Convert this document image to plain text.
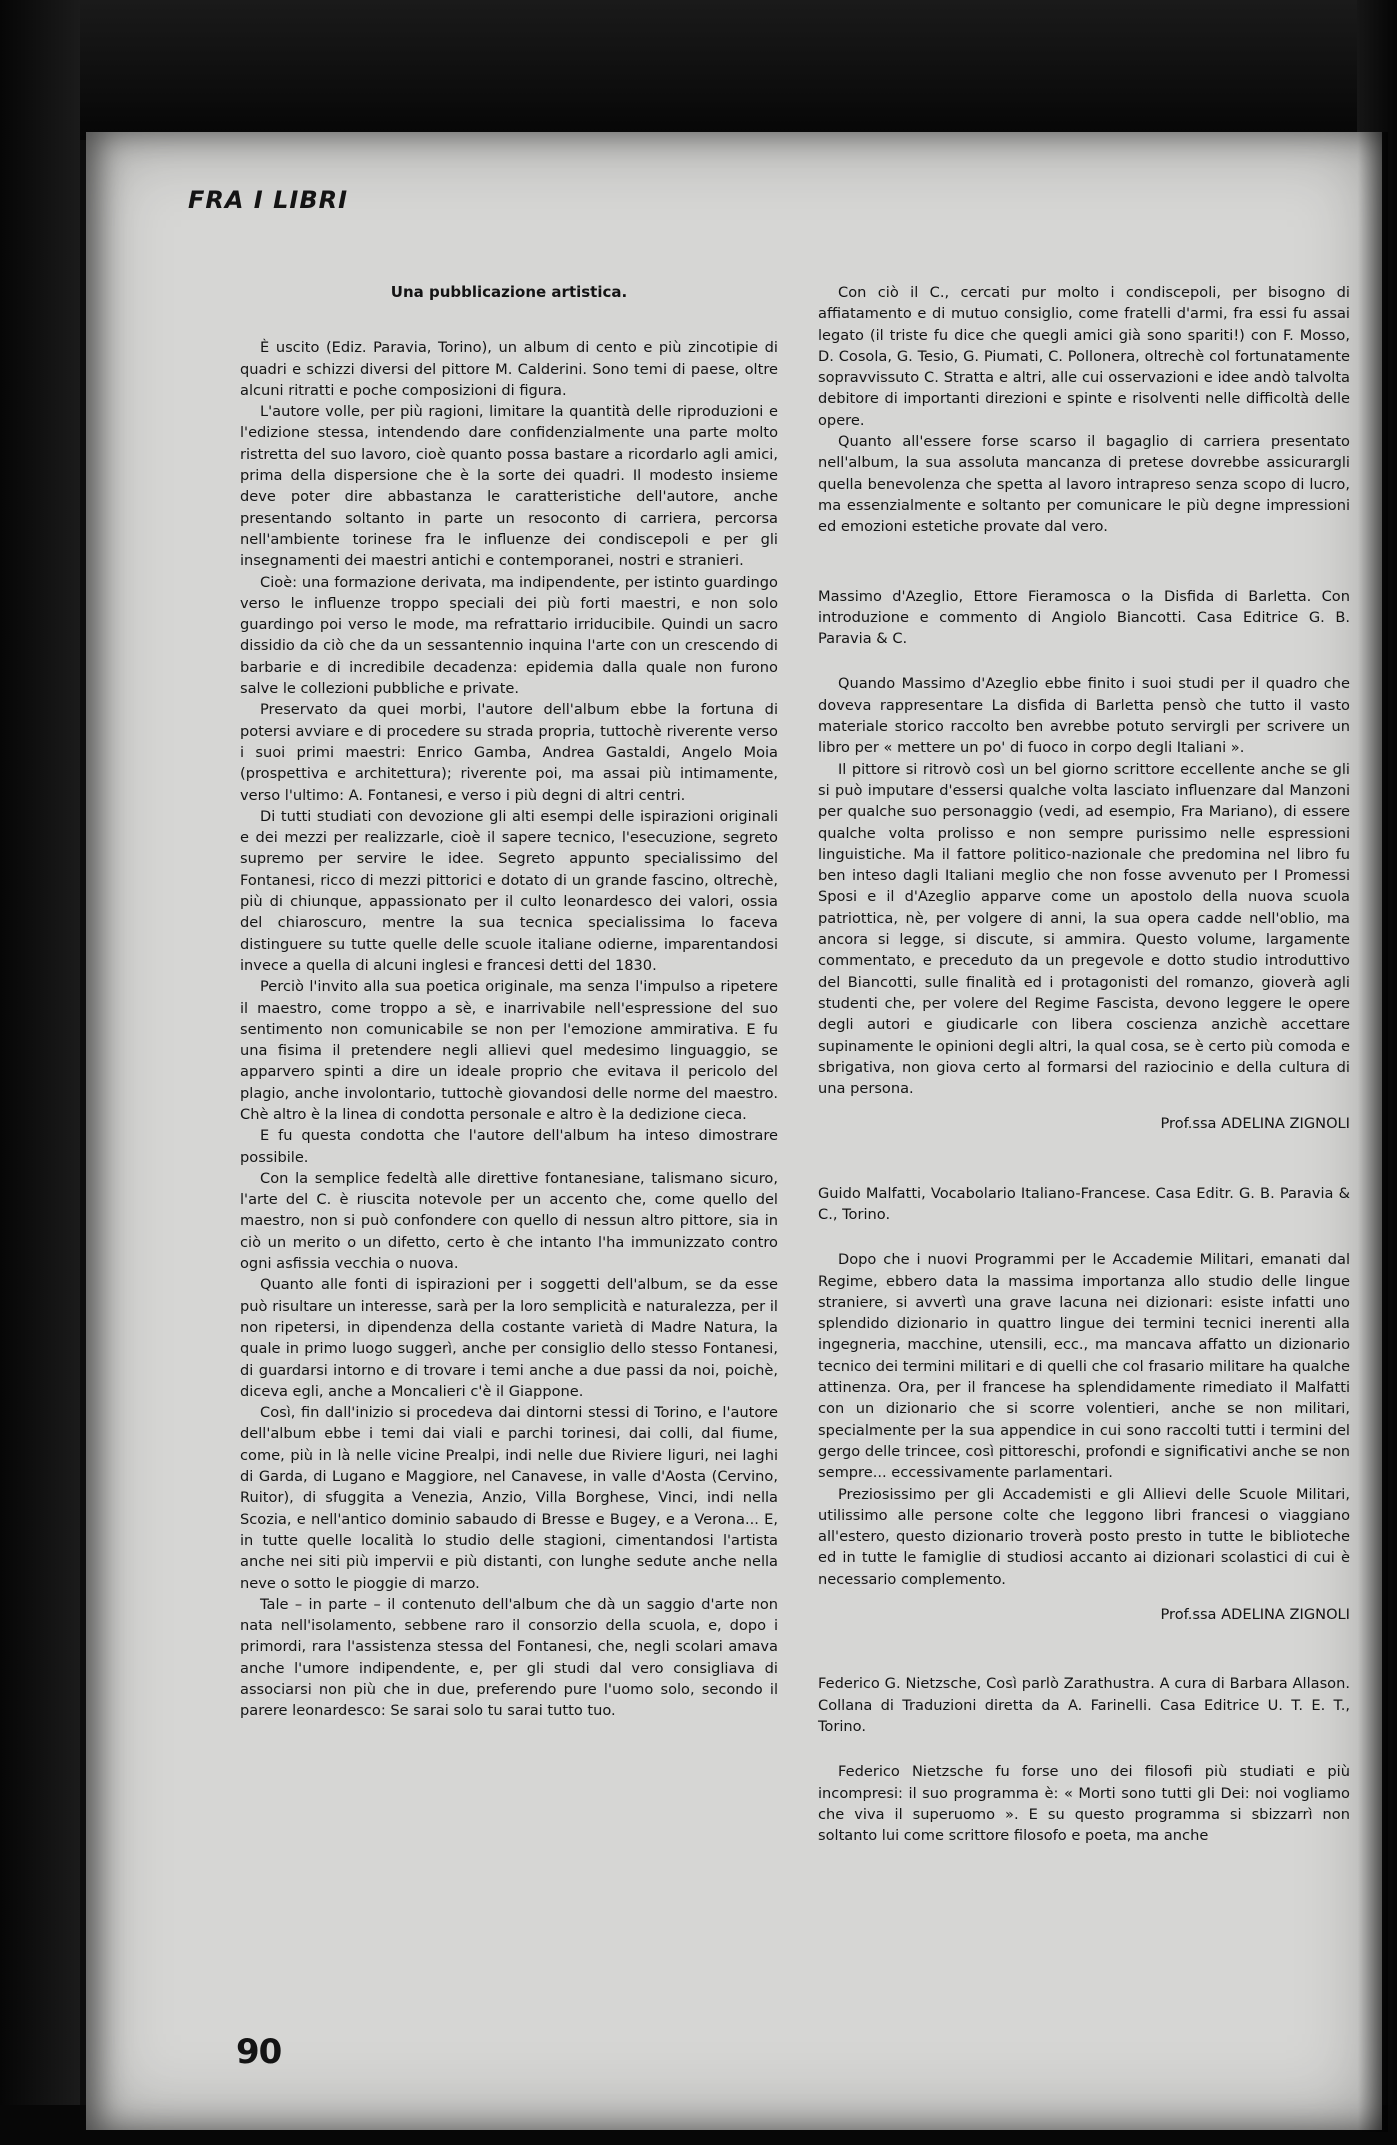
FRA I LIBRI

Una pubblicazione artistica.

È uscito (Ediz. Paravia, Torino), un album di cento e più zincotipie di quadri e schizzi diversi del pittore M. Calderini. Sono temi di paese, oltre alcuni ritratti e poche composizioni di figura.

L'autore volle, per più ragioni, limitare la quantità delle riproduzioni e l'edizione stessa, intendendo dare confidenzialmente una parte molto ristretta del suo lavoro, cioè quanto possa bastare a ricordarlo agli amici, prima della dispersione che è la sorte dei quadri. Il modesto insieme deve poter dire abbastanza le caratteristiche dell'autore, anche presentando soltanto in parte un resoconto di carriera, percorsa nell'ambiente torinese fra le influenze dei condiscepoli e per gli insegnamenti dei maestri antichi e contemporanei, nostri e stranieri.

Cioè: una formazione derivata, ma indipendente, per istinto guardingo verso le influenze troppo speciali dei più forti maestri, e non solo guardingo poi verso le mode, ma refrattario irriducibile. Quindi un sacro dissidio da ciò che da un sessantennio inquina l'arte con un crescendo di barbarie e di incredibile decadenza: epidemia dalla quale non furono salve le collezioni pubbliche e private.

Preservato da quei morbi, l'autore dell'album ebbe la fortuna di potersi avviare e di procedere su strada propria, tuttochè riverente verso i suoi primi maestri: Enrico Gamba, Andrea Gastaldi, Angelo Moia (prospettiva e architettura); riverente poi, ma assai più intimamente, verso l'ultimo: A. Fontanesi, e verso i più degni di altri centri.

Di tutti studiati con devozione gli alti esempi delle ispirazioni originali e dei mezzi per realizzarle, cioè il sapere tecnico, l'esecuzione, segreto supremo per servire le idee. Segreto appunto specialissimo del Fontanesi, ricco di mezzi pittorici e dotato di un grande fascino, oltrechè, più di chiunque, appassionato per il culto leonardesco dei valori, ossia del chiaroscuro, mentre la sua tecnica specialissima lo faceva distinguere su tutte quelle delle scuole italiane odierne, imparentandosi invece a quella di alcuni inglesi e francesi detti del 1830.

Perciò l'invito alla sua poetica originale, ma senza l'impulso a ripetere il maestro, come troppo a sè, e inarrivabile nell'espressione del suo sentimento non comunicabile se non per l'emozione ammirativa. E fu una fisima il pretendere negli allievi quel medesimo linguaggio, se apparvero spinti a dire un ideale proprio che evitava il pericolo del plagio, anche involontario, tuttochè giovandosi delle norme del maestro. Chè altro è la linea di condotta personale e altro è la dedizione cieca.

E fu questa condotta che l'autore dell'album ha inteso dimostrare possibile.

Con la semplice fedeltà alle direttive fontanesiane, talismano sicuro, l'arte del C. è riuscita notevole per un accento che, come quello del maestro, non si può confondere con quello di nessun altro pittore, sia in ciò un merito o un difetto, certo è che intanto l'ha immunizzato contro ogni asfissia vecchia o nuova.

Quanto alle fonti di ispirazioni per i soggetti dell'album, se da esse può risultare un interesse, sarà per la loro semplicità e naturalezza, per il non ripetersi, in dipendenza della costante varietà di Madre Natura, la quale in primo luogo suggerì, anche per consiglio dello stesso Fontanesi, di guardarsi intorno e di trovare i temi anche a due passi da noi, poichè, diceva egli, anche a Moncalieri c'è il Giappone.

Così, fin dall'inizio si procedeva dai dintorni stessi di Torino, e l'autore dell'album ebbe i temi dai viali e parchi torinesi, dai colli, dal fiume, come, più in là nelle vicine Prealpi, indi nelle due Riviere liguri, nei laghi di Garda, di Lugano e Maggiore, nel Canavese, in valle d'Aosta (Cervino, Ruitor), di sfuggita a Venezia, Anzio, Villa Borghese, Vinci, indi nella Scozia, e nell'antico dominio sabaudo di Bresse e Bugey, e a Verona... E, in tutte quelle località lo studio delle stagioni, cimentandosi l'artista anche nei siti più impervii e più distanti, con lunghe sedute anche nella neve o sotto le pioggie di marzo.

Tale – in parte – il contenuto dell'album che dà un saggio d'arte non nata nell'isolamento, sebbene raro il consorzio della scuola, e, dopo i primordi, rara l'assistenza stessa del Fontanesi, che, negli scolari amava anche l'umore indipendente, e, per gli studi dal vero consigliava di associarsi non più che in due, preferendo pure l'uomo solo, secondo il parere leonardesco: Se sarai solo tu sarai tutto tuo.

Con ciò il C., cercati pur molto i condiscepoli, per bisogno di affiatamento e di mutuo consiglio, come fratelli d'armi, fra essi fu assai legato (il triste fu dice che quegli amici già sono spariti!) con F. Mosso, D. Cosola, G. Tesio, G. Piumati, C. Pollonera, oltrechè col fortunatamente sopravvissuto C. Stratta e altri, alle cui osservazioni e idee andò talvolta debitore di importanti direzioni e spinte e risolventi nelle difficoltà delle opere.

Quanto all'essere forse scarso il bagaglio di carriera presentato nell'album, la sua assoluta mancanza di pretese dovrebbe assicurargli quella benevolenza che spetta al lavoro intrapreso senza scopo di lucro, ma essenzialmente e soltanto per comunicare le più degne impressioni ed emozioni estetiche provate dal vero.

Massimo d'Azeglio, Ettore Fieramosca o la Disfida di Barletta. Con introduzione e commento di Angiolo Biancotti. Casa Editrice G. B. Paravia & C.

Quando Massimo d'Azeglio ebbe finito i suoi studi per il quadro che doveva rappresentare La disfida di Barletta pensò che tutto il vasto materiale storico raccolto ben avrebbe potuto servirgli per scrivere un libro per « mettere un po' di fuoco in corpo degli Italiani ».

Il pittore si ritrovò così un bel giorno scrittore eccellente anche se gli si può imputare d'essersi qualche volta lasciato influenzare dal Manzoni per qualche suo personaggio (vedi, ad esempio, Fra Mariano), di essere qualche volta prolisso e non sempre purissimo nelle espressioni linguistiche. Ma il fattore politico-nazionale che predomina nel libro fu ben inteso dagli Italiani meglio che non fosse avvenuto per I Promessi Sposi e il d'Azeglio apparve come un apostolo della nuova scuola patriottica, nè, per volgere di anni, la sua opera cadde nell'oblio, ma ancora si legge, si discute, si ammira. Questo volume, largamente commentato, e preceduto da un pregevole e dotto studio introduttivo del Biancotti, sulle finalità ed i protagonisti del romanzo, gioverà agli studenti che, per volere del Regime Fascista, devono leggere le opere degli autori e giudicarle con libera coscienza anzichè accettare supinamente le opinioni degli altri, la qual cosa, se è certo più comoda e sbrigativa, non giova certo al formarsi del raziocinio e della cultura di una persona.

Prof.ssa ADELINA ZIGNOLI

Guido Malfatti, Vocabolario Italiano-Francese. Casa Editr. G. B. Paravia & C., Torino.

Dopo che i nuovi Programmi per le Accademie Militari, emanati dal Regime, ebbero data la massima importanza allo studio delle lingue straniere, si avvertì una grave lacuna nei dizionari: esiste infatti uno splendido dizionario in quattro lingue dei termini tecnici inerenti alla ingegneria, macchine, utensili, ecc., ma mancava affatto un dizionario tecnico dei termini militari e di quelli che col frasario militare ha qualche attinenza. Ora, per il francese ha splendidamente rimediato il Malfatti con un dizionario che si scorre volentieri, anche se non militari, specialmente per la sua appendice in cui sono raccolti tutti i termini del gergo delle trincee, così pittoreschi, profondi e significativi anche se non sempre... eccessivamente parlamentari.

Preziosissimo per gli Accademisti e gli Allievi delle Scuole Militari, utilissimo alle persone colte che leggono libri francesi o viaggiano all'estero, questo dizionario troverà posto presto in tutte le biblioteche ed in tutte le famiglie di studiosi accanto ai dizionari scolastici di cui è necessario complemento.

Prof.ssa ADELINA ZIGNOLI

Federico G. Nietzsche, Così parlò Zarathustra. A cura di Barbara Allason. Collana di Traduzioni diretta da A. Farinelli. Casa Editrice U. T. E. T., Torino.

Federico Nietzsche fu forse uno dei filosofi più studiati e più incompresi: il suo programma è: « Morti sono tutti gli Dei: noi vogliamo che viva il superuomo ». E su questo programma si sbizzarrì non soltanto lui come scrittore filosofo e poeta, ma anche

90
